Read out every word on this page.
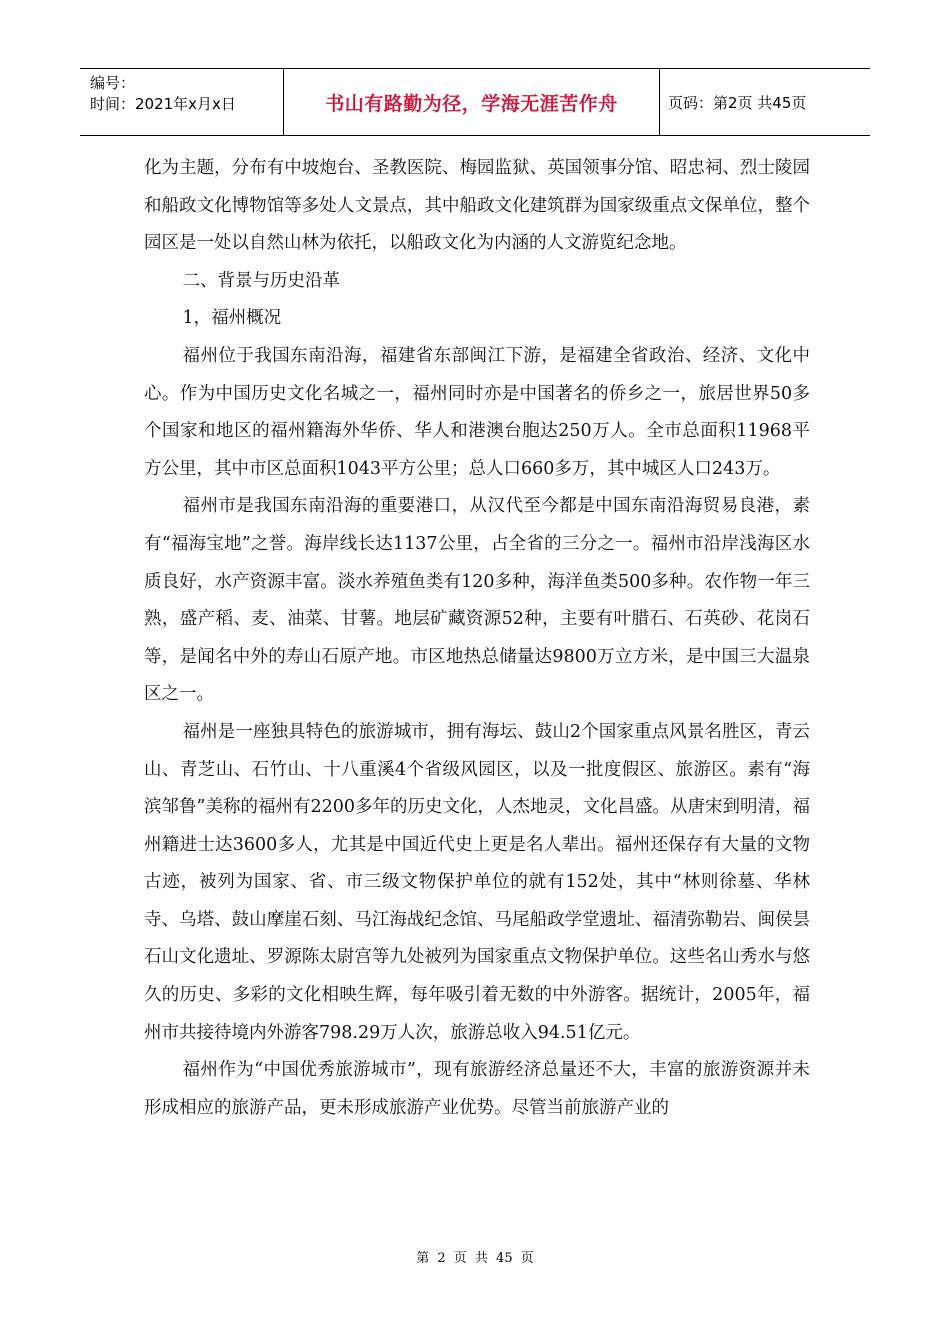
编号：
时间：2021年x月x日	书山有路勤为径，学海无涯苦作舟	页码：第2页 共45页

化为主题，分布有中坡炮台、圣教医院、梅园监狱、英国领事分馆、昭忠祠、烈士陵园和船政文化博物馆等多处人文景点，其中船政文化建筑群为国家级重点文保单位，整个园区是一处以自然山林为依托，以船政文化为内涵的人文游览纪念地。

二、背景与历史沿革

1，福州概况

福州位于我国东南沿海，福建省东部闽江下游，是福建全省政治、经济、文化中心。作为中国历史文化名城之一，福州同时亦是中国著名的侨乡之一，旅居世界50多个国家和地区的福州籍海外华侨、华人和港澳台胞达250万人。全市总面积11968平方公里，其中市区总面积1043平方公里；总人口660多万，其中城区人口243万。

福州市是我国东南沿海的重要港口，从汉代至今都是中国东南沿海贸易良港，素有“福海宝地”之誉。海岸线长达1137公里，占全省的三分之一。福州市沿岸浅海区水质良好，水产资源丰富。淡水养殖鱼类有120多种，海洋鱼类500多种。农作物一年三熟，盛产稻、麦、油菜、甘薯。地层矿藏资源52种，主要有叶腊石、石英砂、花岗石等，是闻名中外的寿山石原产地。市区地热总储量达9800万立方米，是中国三大温泉区之一。

福州是一座独具特色的旅游城市，拥有海坛、鼓山2个国家重点风景名胜区，青云山、青芝山、石竹山、十八重溪4个省级风园区，以及一批度假区、旅游区。素有“海滨邹鲁”美称的福州有2200多年的历史文化，人杰地灵，文化昌盛。从唐宋到明清，福州籍进士达3600多人，尤其是中国近代史上更是名人辈出。福州还保存有大量的文物古迹，被列为国家、省、市三级文物保护单位的就有152处，其中“林则徐墓、华林寺、乌塔、鼓山摩崖石刻、马江海战纪念馆、马尾船政学堂遗址、福清弥勒岩、闽侯昙石山文化遗址、罗源陈太尉宫等九处被列为国家重点文物保护单位。这些名山秀水与悠久的历史、多彩的文化相映生辉，每年吸引着无数的中外游客。据统计，2005年，福州市共接待境内外游客798.29万人次，旅游总收入94.51亿元。

福州作为“中国优秀旅游城市”，现有旅游经济总量还不大，丰富的旅游资源并未形成相应的旅游产品，更未形成旅游产业优势。尽管当前旅游产业的

第 2 页 共 45 页
